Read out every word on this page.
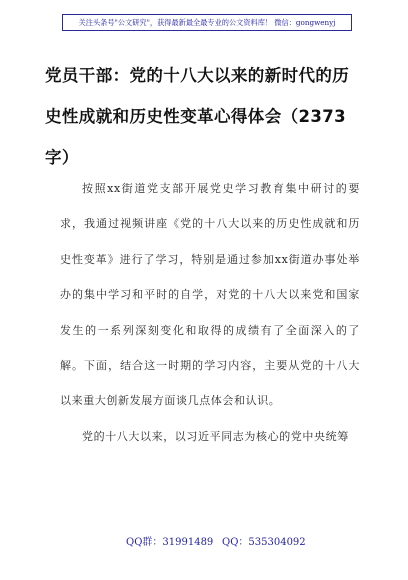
关注头条号"公文研究"，获得最新最全最专业的公文资料库！ 微信：gongwenyj
党员干部：党的十八大以来的新时代的历史性成就和历史性变革心得体会（2373字）

按照xx街道党支部开展党史学习教育集中研讨的要求，我通过视频讲座《党的十八大以来的历史性成就和历史性变革》进行了学习，特别是通过参加xx街道办事处举办的集中学习和平时的自学，对党的十八大以来党和国家发生的一系列深刻变化和取得的成绩有了全面深入的了解。下面，结合这一时期的学习内容，主要从党的十八大以来重大创新发展方面谈几点体会和认识。

党的十八大以来，以习近平同志为核心的党中央统筹

QQ群：31991489 QQ：535304092
